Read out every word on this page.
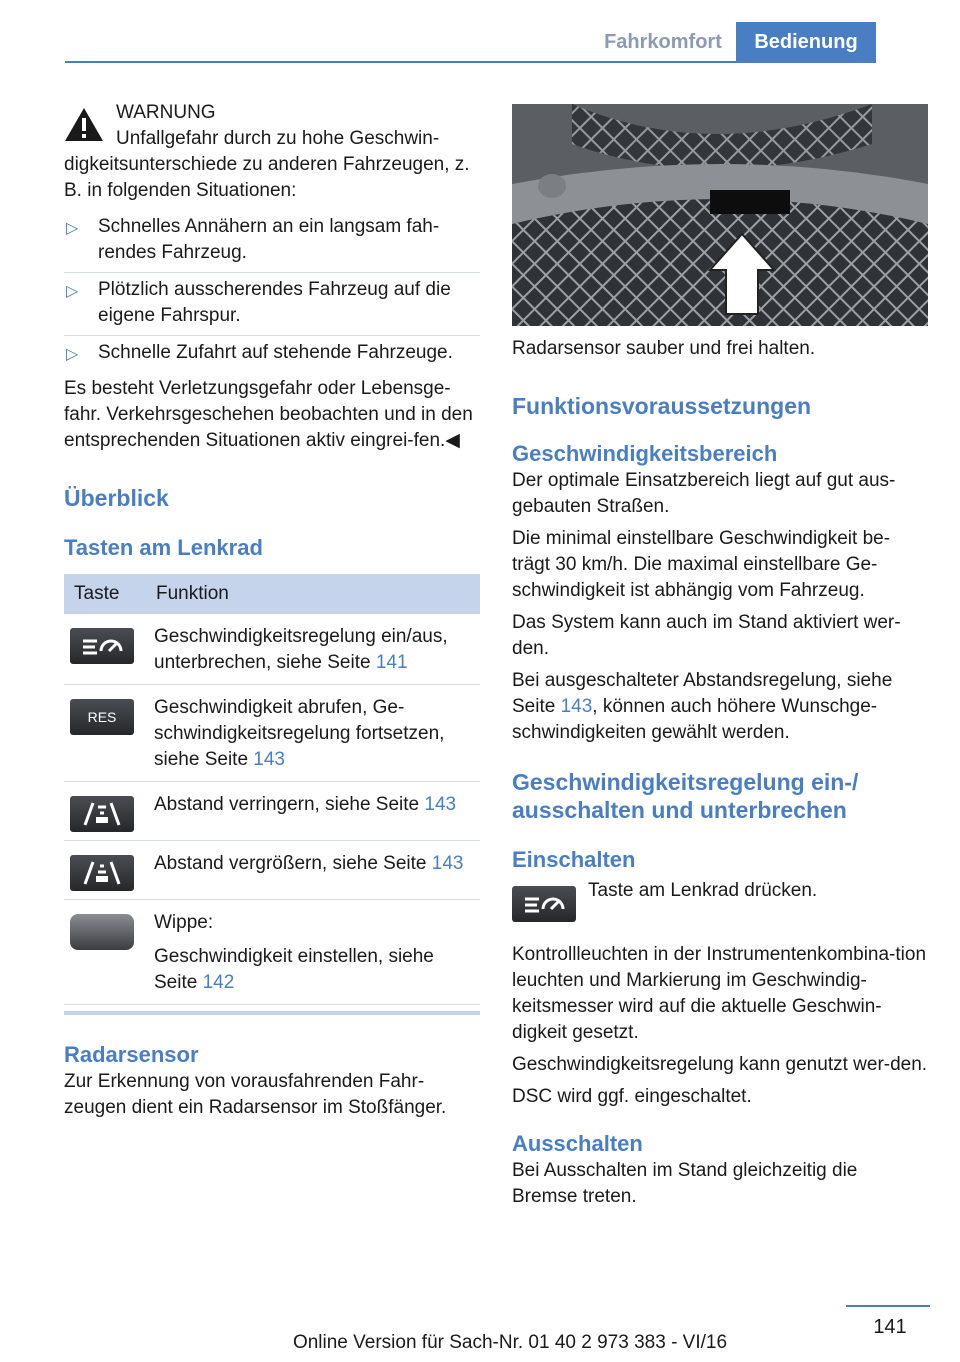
Fahrkomfort	Bedienung

WARNUNG

Unfallgefahr durch zu hohe Geschwin-digkeitsunterschiede zu anderen Fahrzeugen, z. B. in folgenden Situationen:

▷ Schnelles Annähern an ein langsam fah-rendes Fahrzeug.
▷ Plötzlich ausscherendes Fahrzeug auf die eigene Fahrspur.
▷ Schnelle Zufahrt auf stehende Fahrzeuge.

Es besteht Verletzungsgefahr oder Lebensge-fahr. Verkehrsgeschehen beobachten und in den entsprechenden Situationen aktiv eingrei-fen.◀

Überblick
Tasten am Lenkrad
Taste	Funktion

	Geschwindigkeitsregelung ein/aus, unterbrechen, siehe Seite 141

RES	Geschwindigkeit abrufen, Ge-schwindigkeitsregelung fortsetzen, siehe Seite 143

	Abstand verringern, siehe Seite 143

	Abstand vergrößern, siehe Seite 143

	Wippe:
Geschwindigkeit einstellen, siehe Seite 142
Radarsensor

Zur Erkennung von vorausfahrenden Fahr-zeugen dient ein Radarsensor im Stoßfänger.

Radarsensor sauber und frei halten.

Funktionsvoraussetzungen
Geschwindigkeitsbereich

Der optimale Einsatzbereich liegt auf gut aus-gebauten Straßen.

Die minimal einstellbare Geschwindigkeit be-trägt 30 km/h. Die maximal einstellbare Ge-schwindigkeit ist abhängig vom Fahrzeug.

Das System kann auch im Stand aktiviert wer-den.

Bei ausgeschalteter Abstandsregelung, siehe Seite 143, können auch höhere Wunschge-schwindigkeiten gewählt werden.

Geschwindigkeitsregelung ein-/ ausschalten und unterbrechen
Einschalten

Taste am Lenkrad drücken.

Kontrollleuchten in der Instrumentenkombina-tion leuchten und Markierung im Geschwindig-keitsmesser wird auf die aktuelle Geschwin-digkeit gesetzt.

Geschwindigkeitsregelung kann genutzt wer-den.

DSC wird ggf. eingeschaltet.

Ausschalten

Bei Ausschalten im Stand gleichzeitig die Bremse treten.

141
Online Version für Sach-Nr. 01 40 2 973 383 - VI/16
